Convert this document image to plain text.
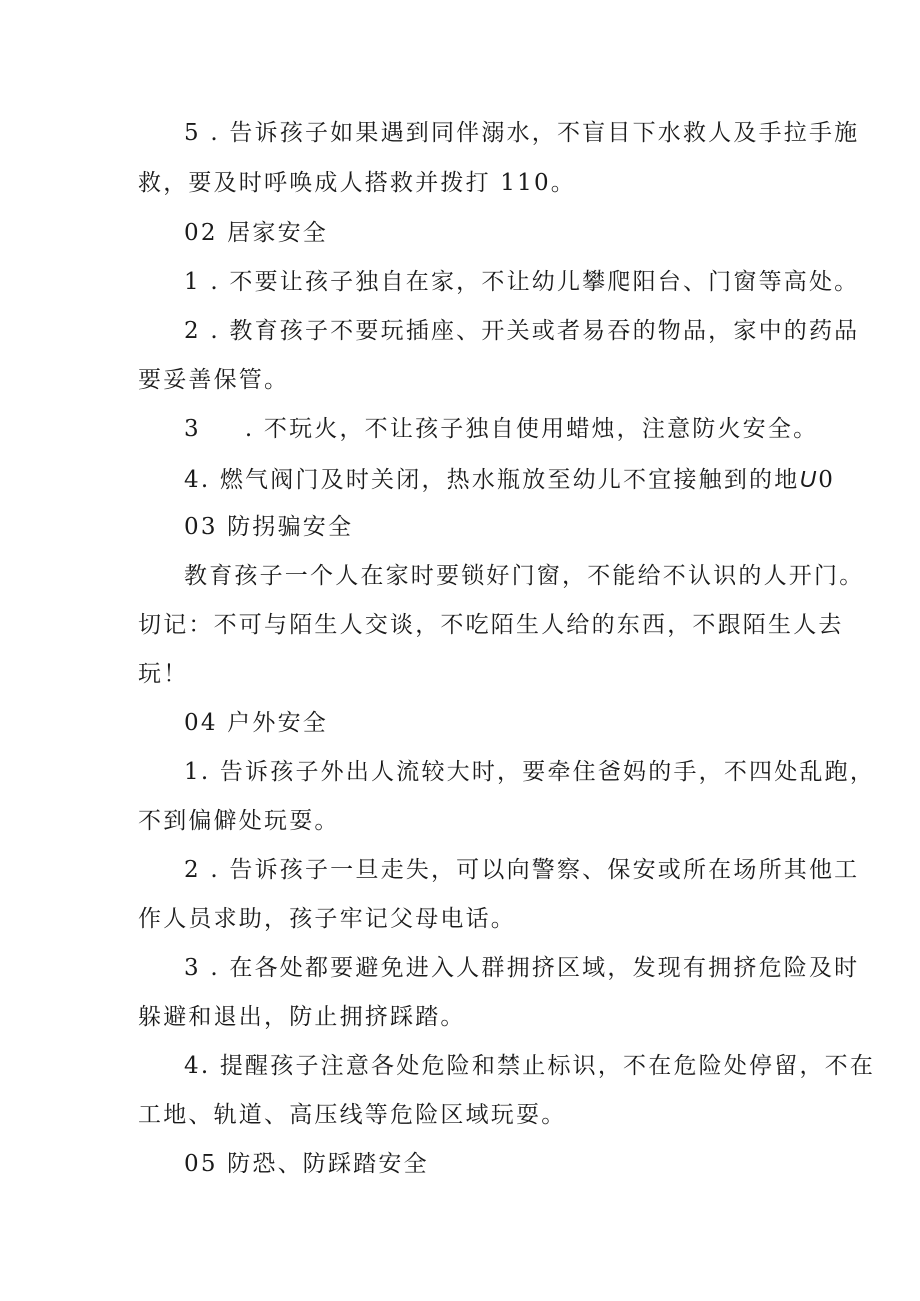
5 . 告诉孩子如果遇到同伴溺水，不盲目下水救人及手拉手施
救，要及时呼唤成人搭救并拨打 110。
02 居家安全
1 . 不要让孩子独自在家，不让幼儿攀爬阳台、门窗等高处。
2 . 教育孩子不要玩插座、开关或者易吞的物品，家中的药品
要妥善保管。
3 . 不玩火，不让孩子独自使用蜡烛，注意防火安全。
4. 燃气阀门及时关闭，热水瓶放至幼儿不宜接触到的地U0
03 防拐骗安全
教育孩子一个人在家时要锁好门窗，不能给不认识的人开门。
切记：不可与陌生人交谈，不吃陌生人给的东西，不跟陌生人去
玩！
04 户外安全
1. 告诉孩子外出人流较大时，要牵住爸妈的手，不四处乱跑，
不到偏僻处玩耍。
2 . 告诉孩子一旦走失，可以向警察、保安或所在场所其他工
作人员求助，孩子牢记父母电话。
3 . 在各处都要避免进入人群拥挤区域，发现有拥挤危险及时
躲避和退出，防止拥挤踩踏。
4. 提醒孩子注意各处危险和禁止标识，不在危险处停留，不在
工地、轨道、高压线等危险区域玩耍。
05 防恐、防踩踏安全
